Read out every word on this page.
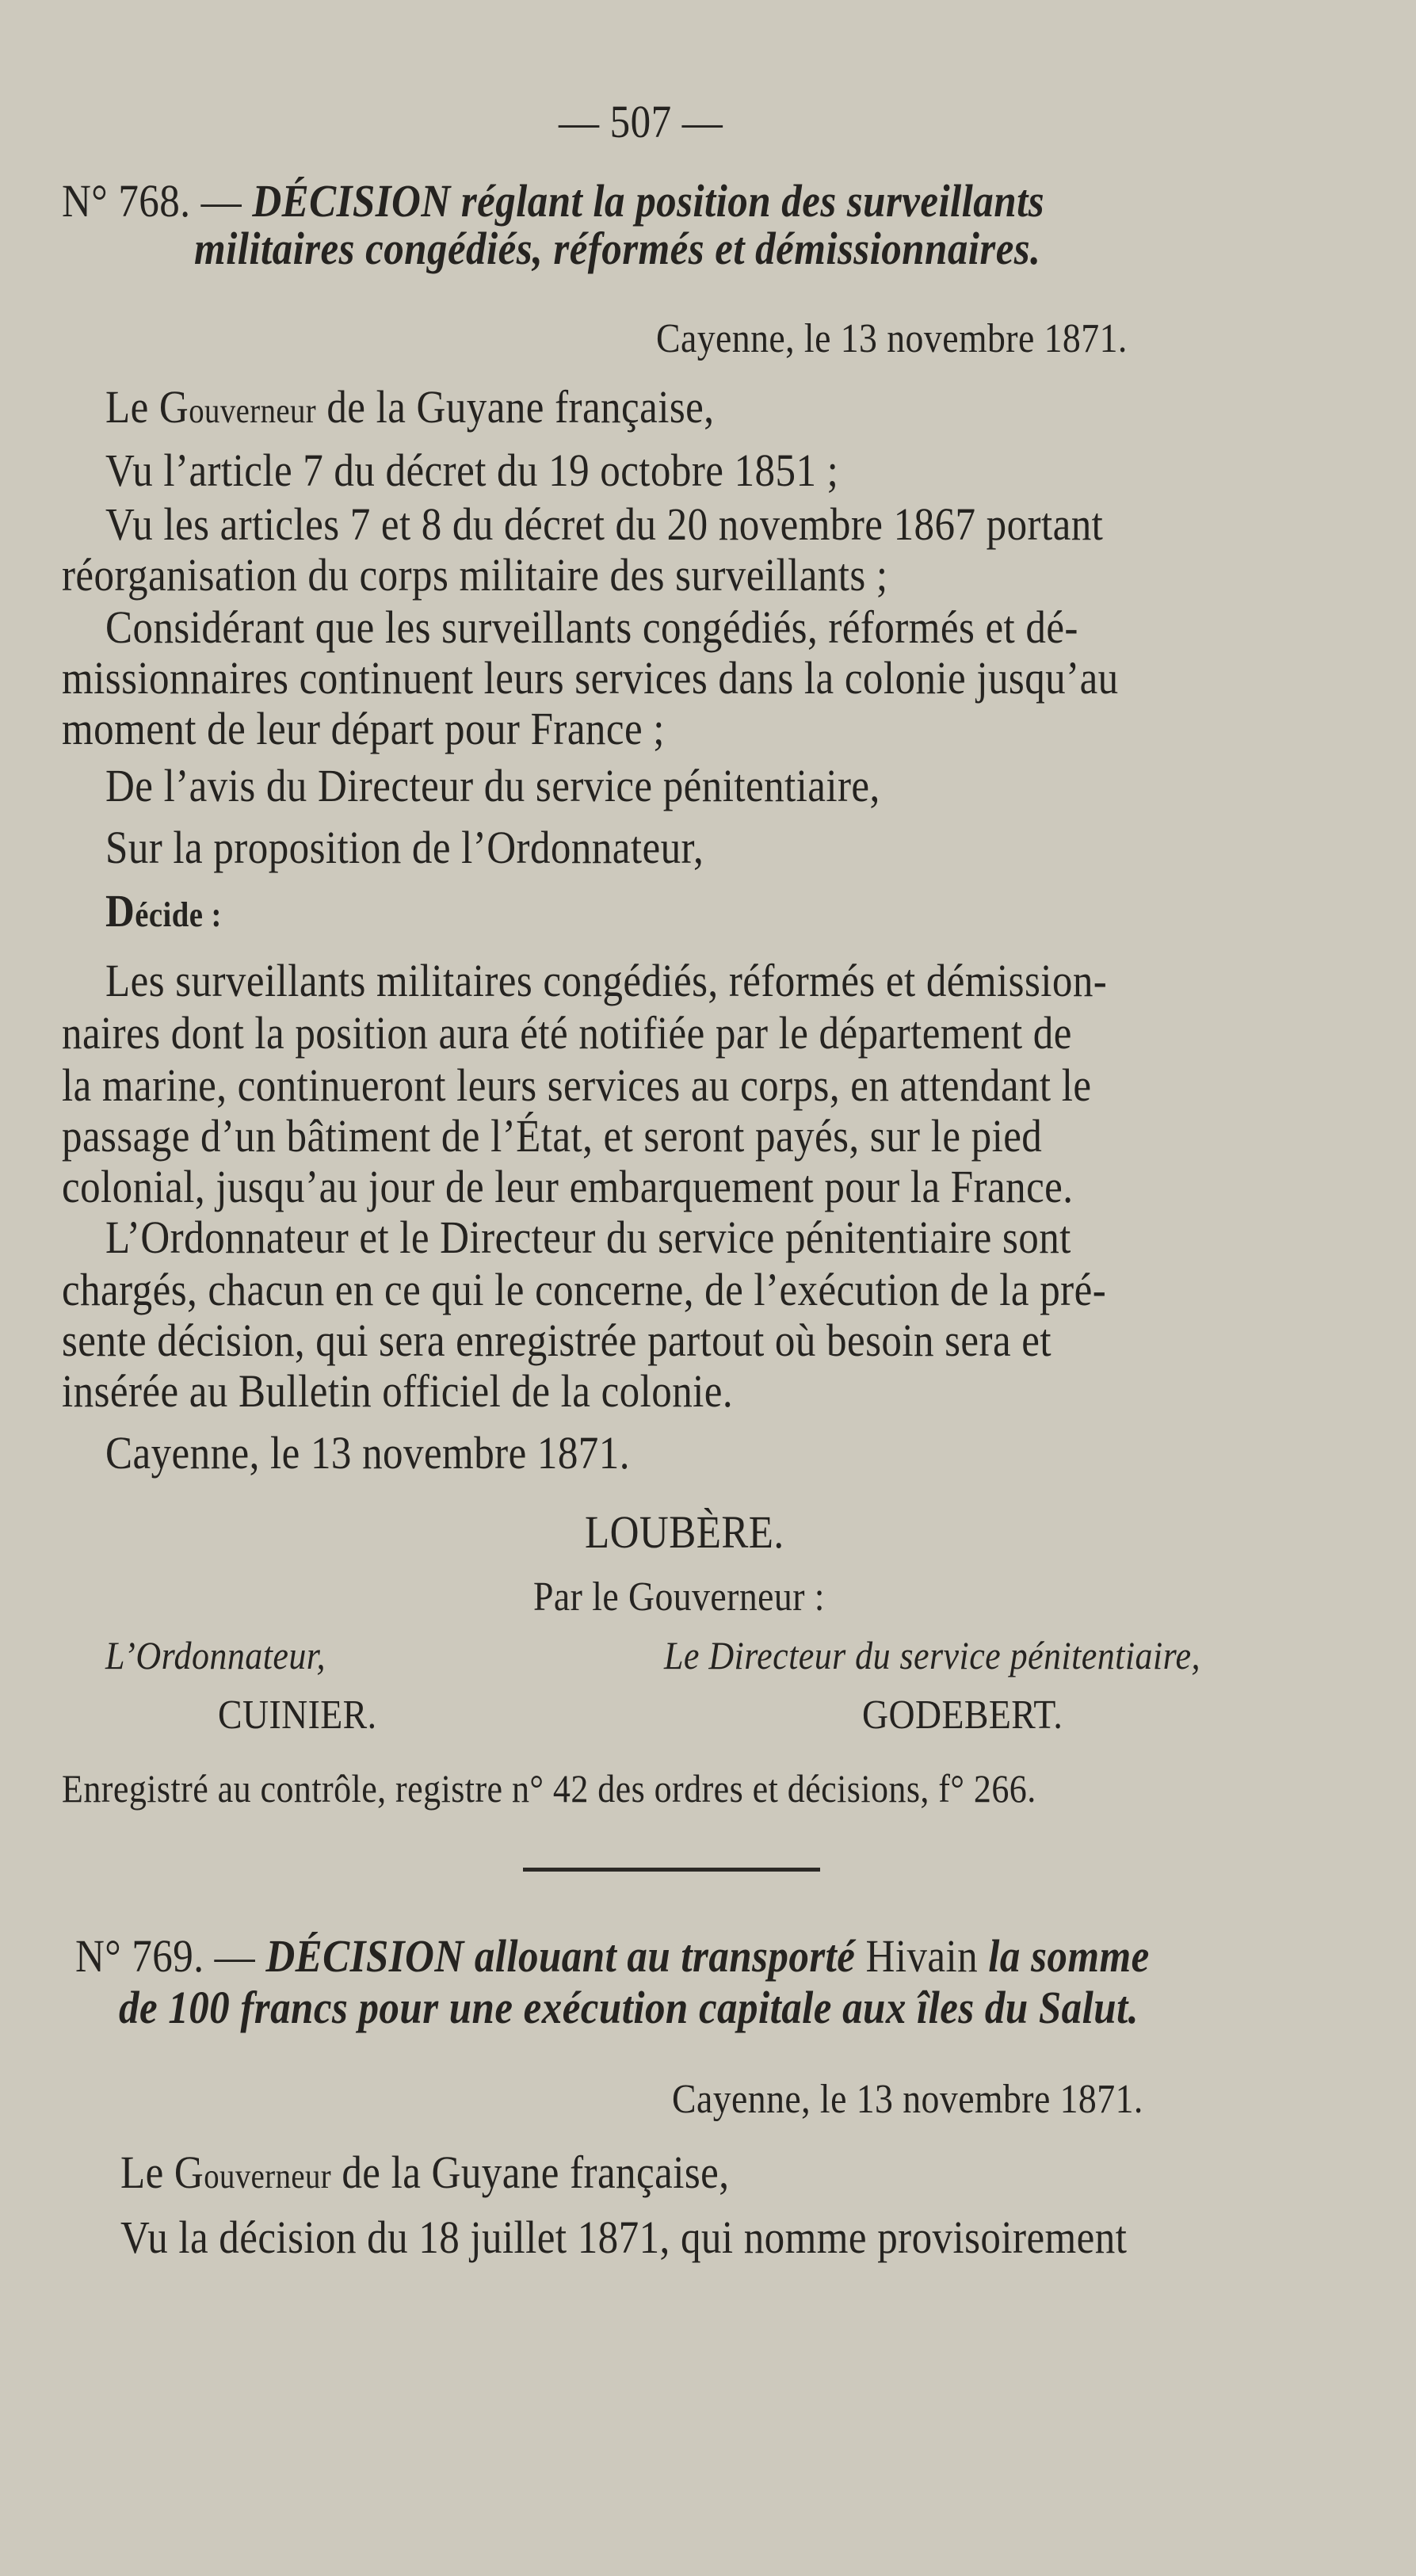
— 507 —
N° 768. — DÉCISION réglant la position des surveillants
militaires congédiés, réformés et démissionnaires.
Cayenne, le 13 novembre 1871.
Le Gouverneur de la Guyane française,
Vu l’article 7 du décret du 19 octobre 1851 ;
Vu les articles 7 et 8 du décret du 20 novembre 1867 portant
réorganisation du corps militaire des surveillants ;
Considérant que les surveillants congédiés, réformés et dé-
missionnaires continuent leurs services dans la colonie jusqu’au
moment de leur départ pour France ;
De l’avis du Directeur du service pénitentiaire,
Sur la proposition de l’Ordonnateur,
Décide :
Les surveillants militaires congédiés, réformés et démission-
naires dont la position aura été notifiée par le département de
la marine, continueront leurs services au corps, en attendant le
passage d’un bâtiment de l’État, et seront payés, sur le pied
colonial, jusqu’au jour de leur embarquement pour la France.
L’Ordonnateur et le Directeur du service pénitentiaire sont
chargés, chacun en ce qui le concerne, de l’exécution de la pré-
sente décision, qui sera enregistrée partout où besoin sera et
insérée au Bulletin officiel de la colonie.
Cayenne, le 13 novembre 1871.
LOUBÈRE.
Par le Gouverneur :
L’Ordonnateur,	Le Directeur du service pénitentiaire,
CUINIER.	GODEBERT.
Enregistré au contrôle, registre n° 42 des ordres et décisions, f° 266.
N° 769. — DÉCISION allouant au transporté Hivain la somme
de 100 francs pour une exécution capitale aux îles du Salut.
Cayenne, le 13 novembre 1871.
Le Gouverneur de la Guyane française,
Vu la décision du 18 juillet 1871, qui nomme provisoirement
